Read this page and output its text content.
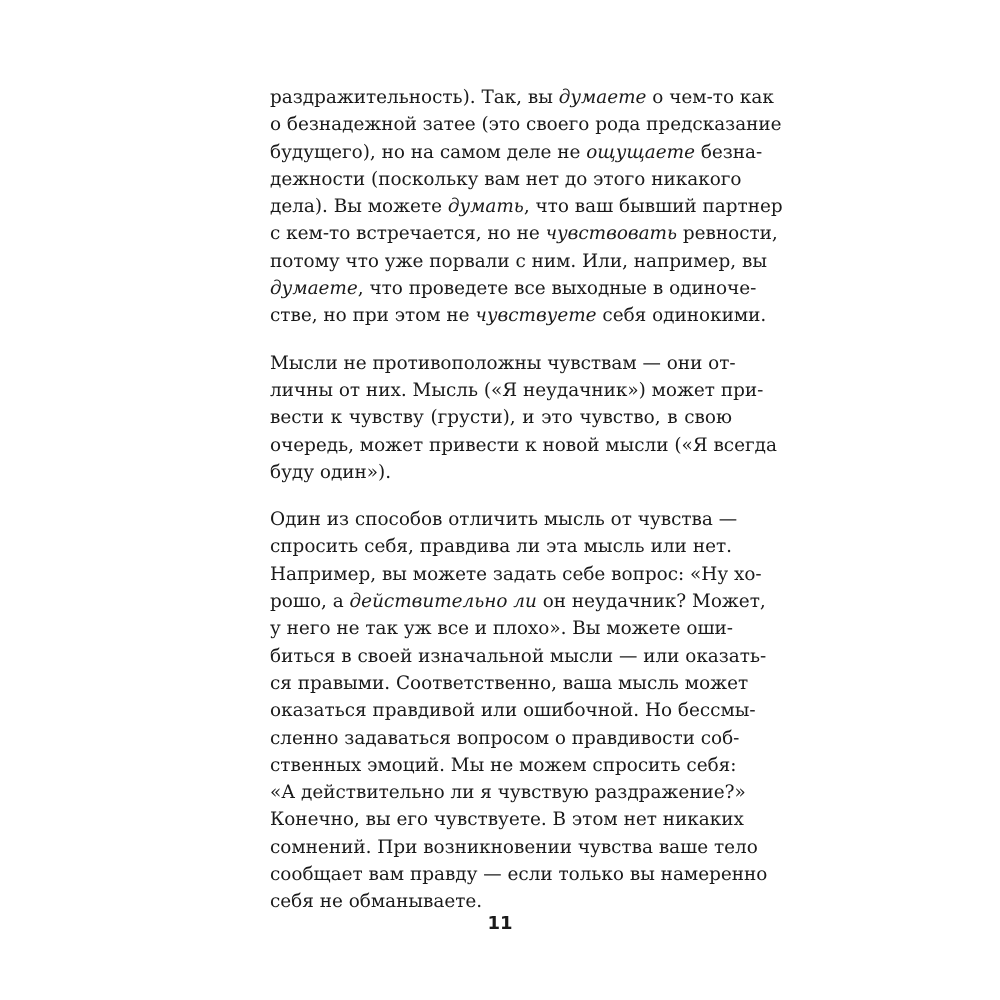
раздражительность). Так, вы думаете о чем-то как
о безнадежной затее (это своего рода предсказание
будущего), но на самом деле не ощущаете безна-
дежности (поскольку вам нет до этого никакого
дела). Вы можете думать, что ваш бывший партнер
с кем-то встречается, но не чувствовать ревности,
потому что уже порвали с ним. Или, например, вы
думаете, что проведете все выходные в одиноче-
стве, но при этом не чувствуете себя одинокими.
Мысли не противоположны чувствам — они от-
личны от них. Мысль («Я неудачник») может при-
вести к чувству (грусти), и это чувство, в свою
очередь, может привести к новой мысли («Я всегда
буду один»).
Один из способов отличить мысль от чувства —
спросить себя, правдива ли эта мысль или нет.
Например, вы можете задать себе вопрос: «Ну хо-
рошо, а действительно ли он неудачник? Может,
у него не так уж все и плохо». Вы можете оши-
биться в своей изначальной мысли — или оказать-
ся правыми. Соответственно, ваша мысль может
оказаться правдивой или ошибочной. Но бессмы-
сленно задаваться вопросом о правдивости соб-
ственных эмоций. Мы не можем спросить себя:
«А действительно ли я чувствую раздражение?»
Конечно, вы его чувствуете. В этом нет никаких
сомнений. При возникновении чувства ваше тело
сообщает вам правду — если только вы намеренно
себя не обманываете.
11
